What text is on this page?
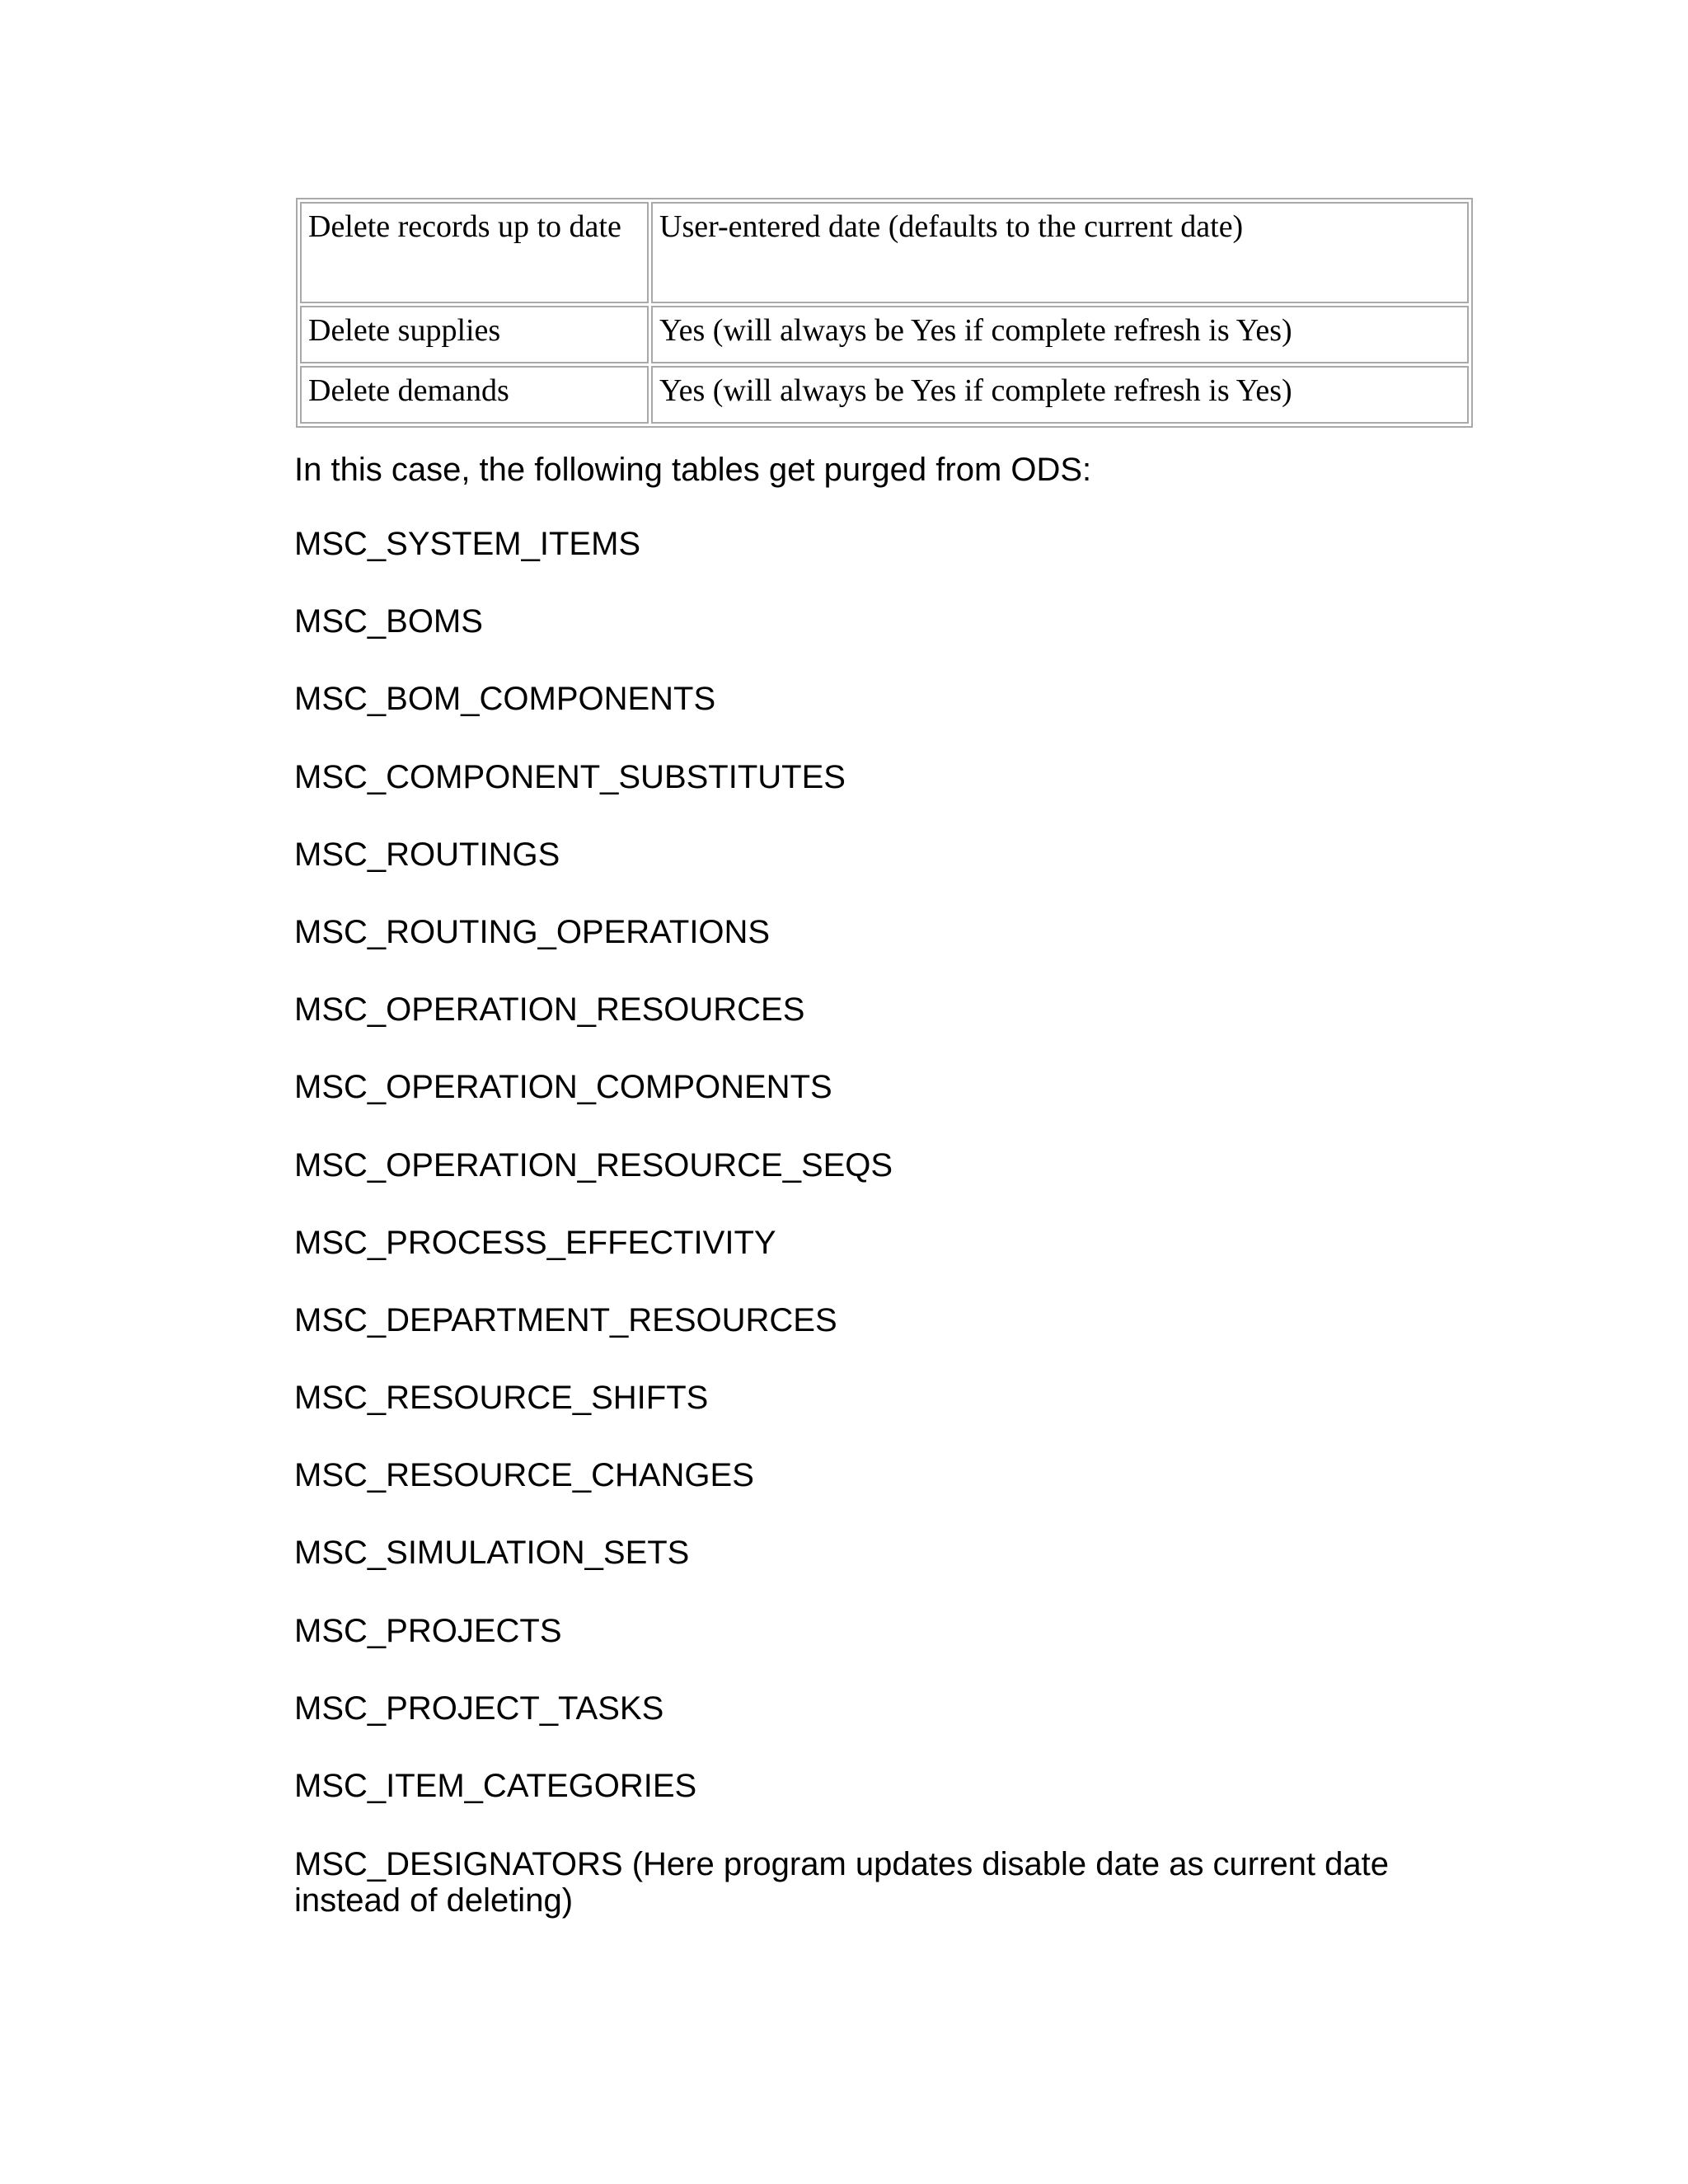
Delete records up to date	User-entered date (defaults to the current date)
Delete supplies	Yes (will always be Yes if complete refresh is Yes)
Delete demands	Yes (will always be Yes if complete refresh is Yes)

In this case, the following tables get purged from ODS:

MSC_SYSTEM_ITEMS
MSC_BOMS
MSC_BOM_COMPONENTS
MSC_COMPONENT_SUBSTITUTES
MSC_ROUTINGS
MSC_ROUTING_OPERATIONS
MSC_OPERATION_RESOURCES
MSC_OPERATION_COMPONENTS
MSC_OPERATION_RESOURCE_SEQS
MSC_PROCESS_EFFECTIVITY
MSC_DEPARTMENT_RESOURCES
MSC_RESOURCE_SHIFTS
MSC_RESOURCE_CHANGES
MSC_SIMULATION_SETS
MSC_PROJECTS
MSC_PROJECT_TASKS
MSC_ITEM_CATEGORIES

MSC_DESIGNATORS (Here program updates disable date as current date instead of deleting)
